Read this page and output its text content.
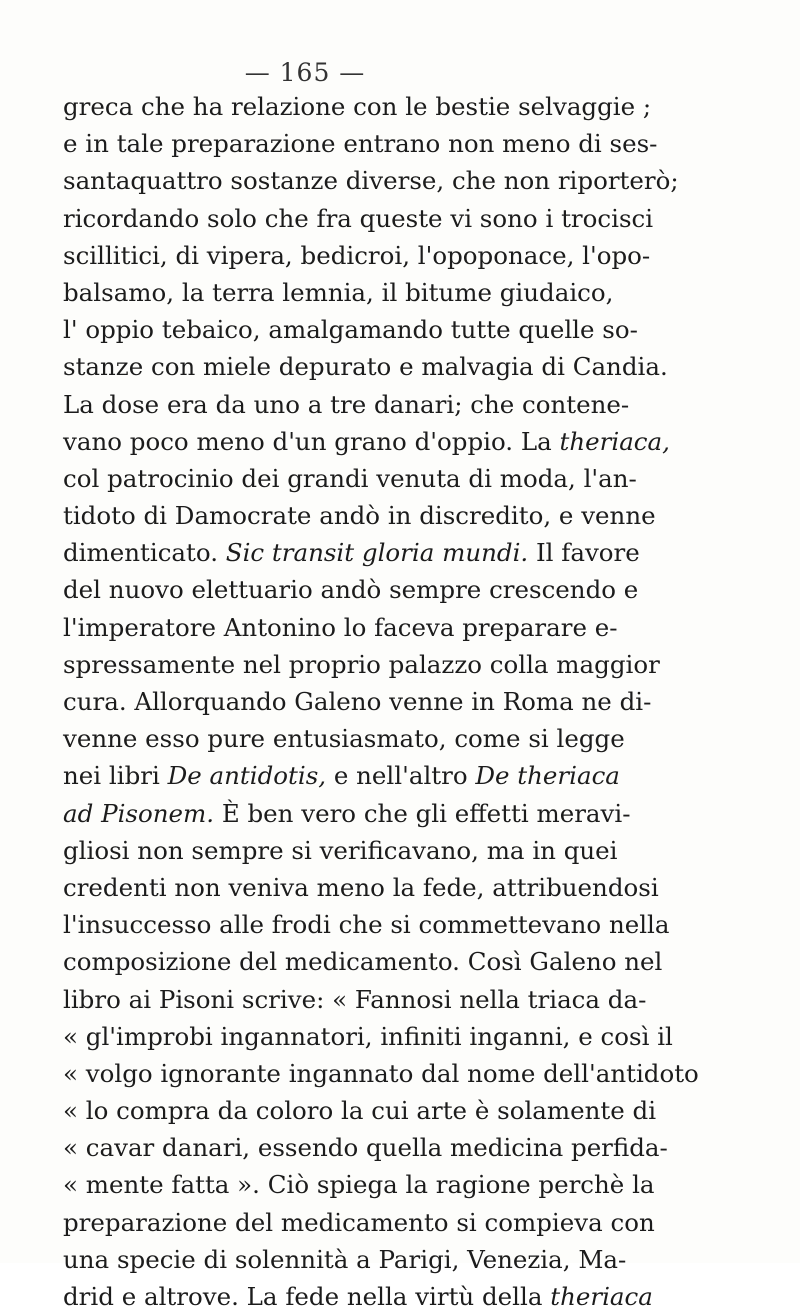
— 165 —
greca che ha relazione con le bestie selvaggie ;
e in tale preparazione entrano non meno di ses-
santaquattro sostanze diverse, che non riporterò;
ricordando solo che fra queste vi sono i trocisci
scillitici, di vipera, bedicroi, l'opoponace, l'opo-
balsamo, la terra lemnia, il bitume giudaico,
l' oppio tebaico, amalgamando tutte quelle so-
stanze con miele depurato e malvagia di Candia.
La dose era da uno a tre danari; che contene-
vano poco meno d'un grano d'oppio. La theriaca,
col patrocinio dei grandi venuta di moda, l'an-
tidoto di Damocrate andò in discredito, e venne
dimenticato. Sic transit gloria mundi. Il favore
del nuovo elettuario andò sempre crescendo e
l'imperatore Antonino lo faceva preparare e-
spressamente nel proprio palazzo colla maggior
cura. Allorquando Galeno venne in Roma ne di-
venne esso pure entusiasmato, come si legge
nei libri De antidotis, e nell'altro De theriaca
ad Pisonem. È ben vero che gli effetti meravi-
gliosi non sempre si verificavano, ma in quei
credenti non veniva meno la fede, attribuendosi
l'insuccesso alle frodi che si commettevano nella
composizione del medicamento. Così Galeno nel
libro ai Pisoni scrive: « Fannosi nella triaca da-
« gl'improbi ingannatori, infiniti inganni, e così il
« volgo ignorante ingannato dal nome dell'antidoto
« lo compra da coloro la cui arte è solamente di
« cavar danari, essendo quella medicina perfida-
« mente fatta ». Ciò spiega la ragione perchè la
preparazione del medicamento si compieva con
una specie di solennità a Parigi, Venezia, Ma-
drid e altrove. La fede nella virtù della theriaca
